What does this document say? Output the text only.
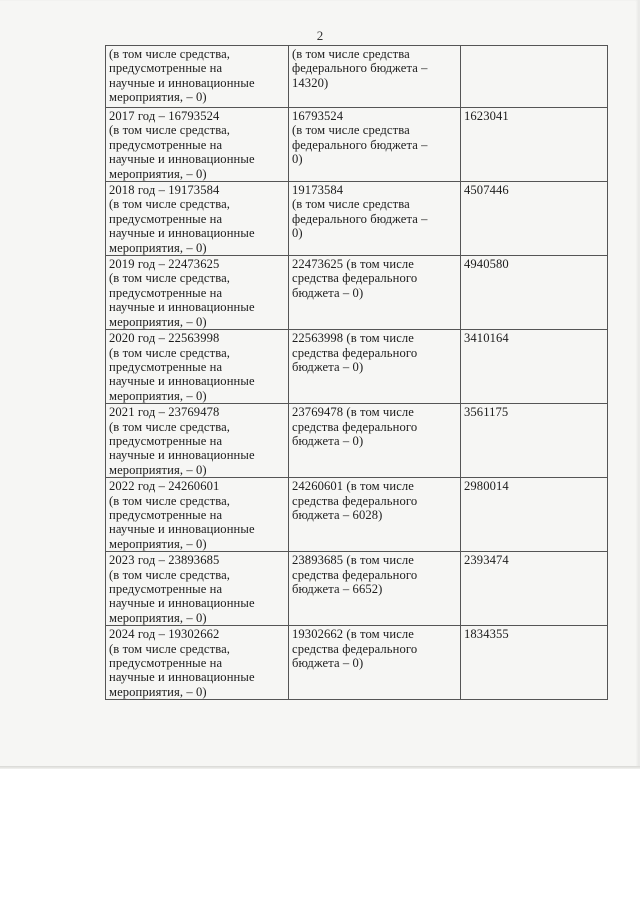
2
(в том числе средства,
предусмотренные на
научные и инновационные
мероприятия, – 0)	(в том числе средства
федерального бюджета –
14320)	
2017 год – 16793524
(в том числе средства,
предусмотренные на
научные и инновационные
мероприятия, – 0)	16793524
(в том числе средства
федерального бюджета –
0)	1623041
2018 год – 19173584
(в том числе средства,
предусмотренные на
научные и инновационные
мероприятия, – 0)	19173584
(в том числе средства
федерального бюджета –
0)	4507446
2019 год – 22473625
(в том числе средства,
предусмотренные на
научные и инновационные
мероприятия, – 0)	22473625 (в том числе
средства федерального
бюджета – 0)	4940580
2020 год – 22563998
(в том числе средства,
предусмотренные на
научные и инновационные
мероприятия, – 0)	22563998 (в том числе
средства федерального
бюджета – 0)	3410164
2021 год – 23769478
(в том числе средства,
предусмотренные на
научные и инновационные
мероприятия, – 0)	23769478 (в том числе
средства федерального
бюджета – 0)	3561175
2022 год – 24260601
(в том числе средства,
предусмотренные на
научные и инновационные
мероприятия, – 0)	24260601 (в том числе
средства федерального
бюджета – 6028)	2980014
2023 год – 23893685
(в том числе средства,
предусмотренные на
научные и инновационные
мероприятия, – 0)	23893685 (в том числе
средства федерального
бюджета – 6652)	2393474
2024 год – 19302662
(в том числе средства,
предусмотренные на
научные и инновационные
мероприятия, – 0)	19302662 (в том числе
средства федерального
бюджета – 0)	1834355
